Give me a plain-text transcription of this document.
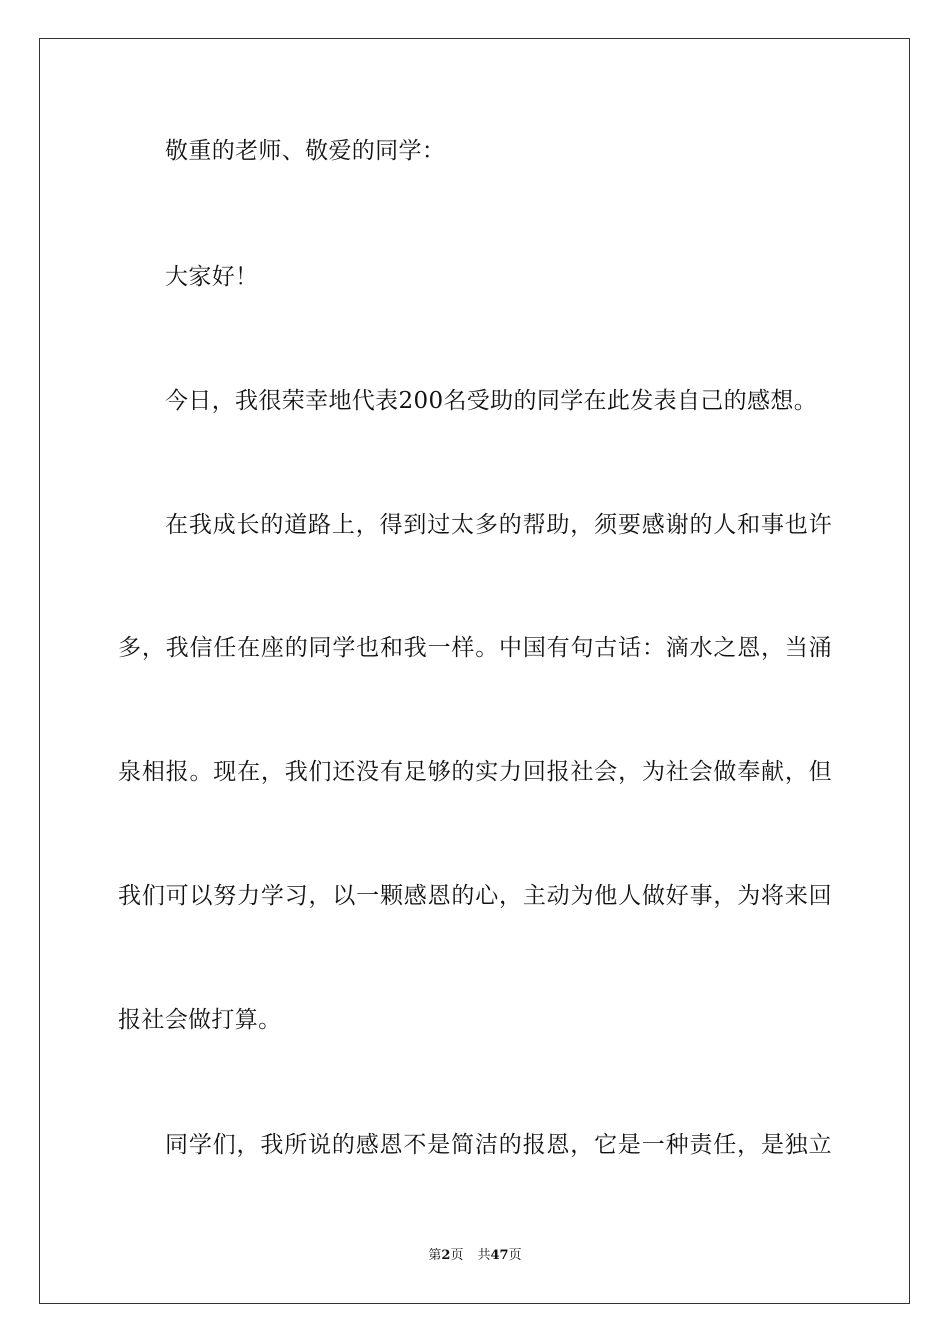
敬重的老师、敬爱的同学：
大家好！
今日，我很荣幸地代表200名受助的同学在此发表自己的感想。
在我成长的道路上，得到过太多的帮助，须要感谢的人和事也许
多，我信任在座的同学也和我一样。中国有句古话：滴水之恩，当涌
泉相报。现在，我们还没有足够的实力回报社会，为社会做奉献，但
我们可以努力学习，以一颗感恩的心，主动为他人做好事，为将来回
报社会做打算。
同学们，我所说的感恩不是简洁的报恩，它是一种责任，是独立
第2页 共47页
